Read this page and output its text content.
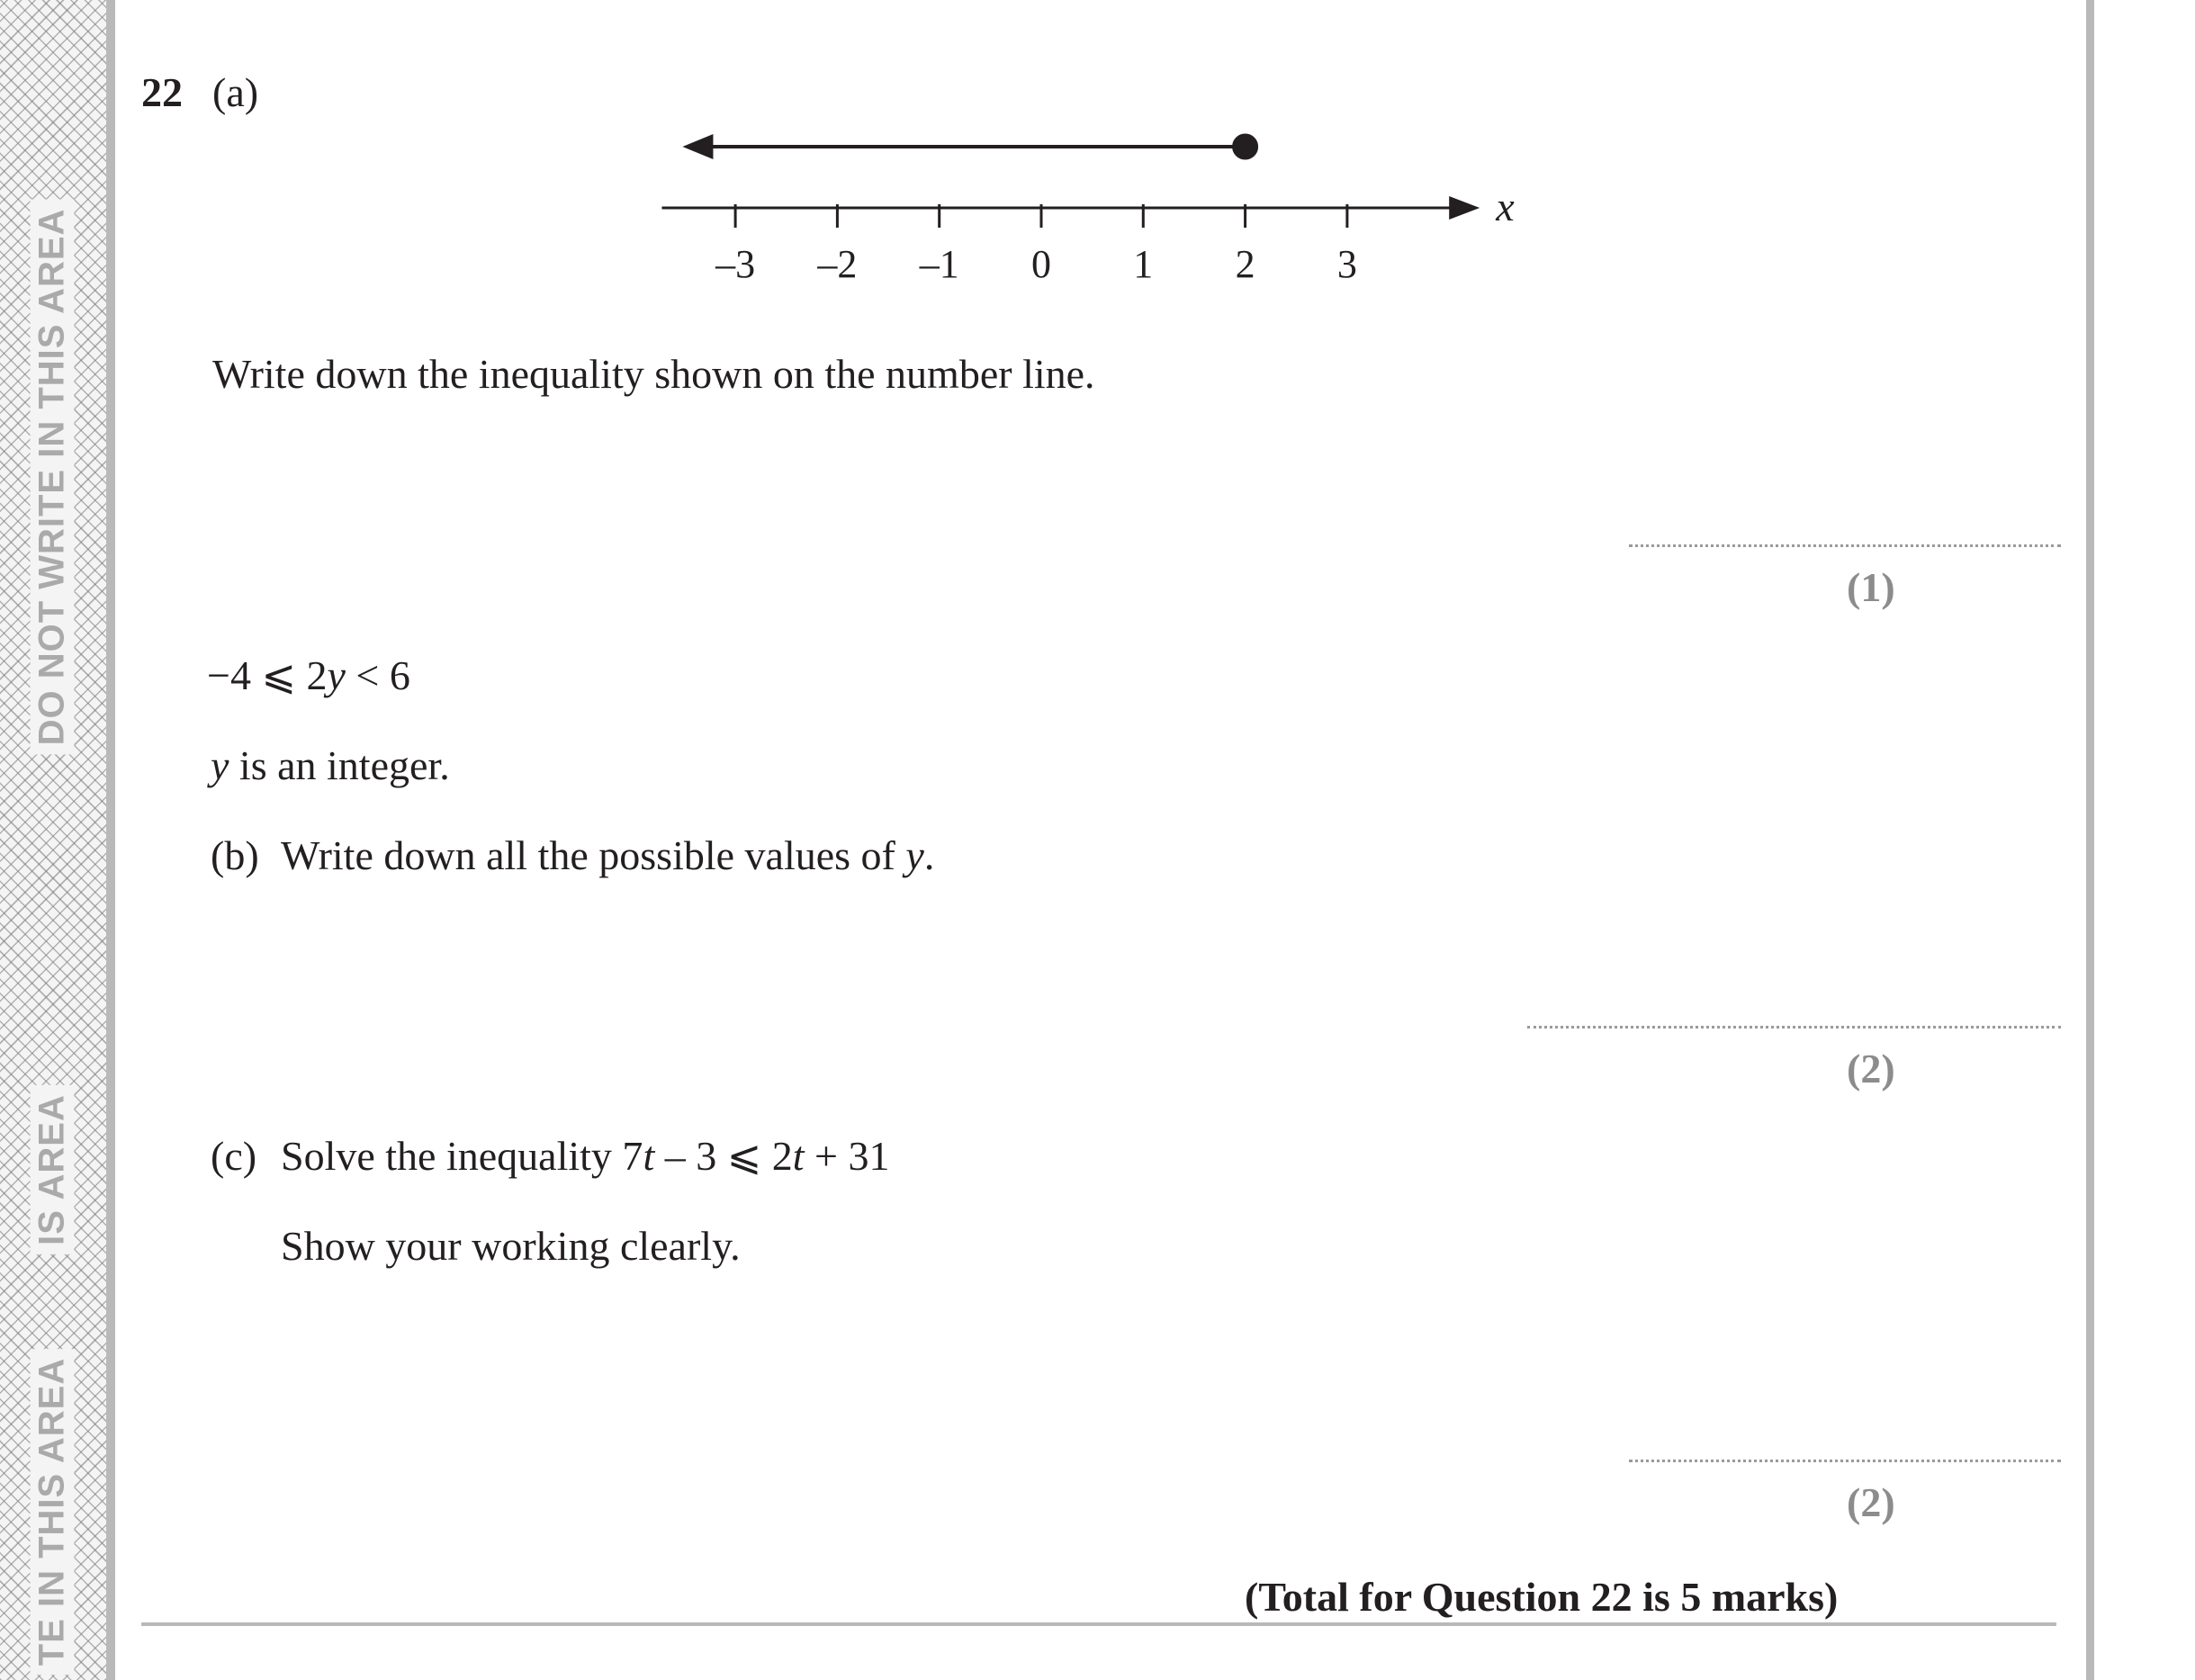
DO NOT WRITE IN THIS AREA
IS AREA
TE IN THIS AREA
22 (a)
x
–3 –2 –1 0 1 2 3
Write down the inequality shown on the number line.
(1)
−4 ⩽ 2y < 6
y is an integer.
(b) Write down all the possible values of y.
(2)
(c) Solve the inequality 7t – 3 ⩽ 2t + 31
Show your working clearly.
(2)
(Total for Question 22 is 5 marks)
